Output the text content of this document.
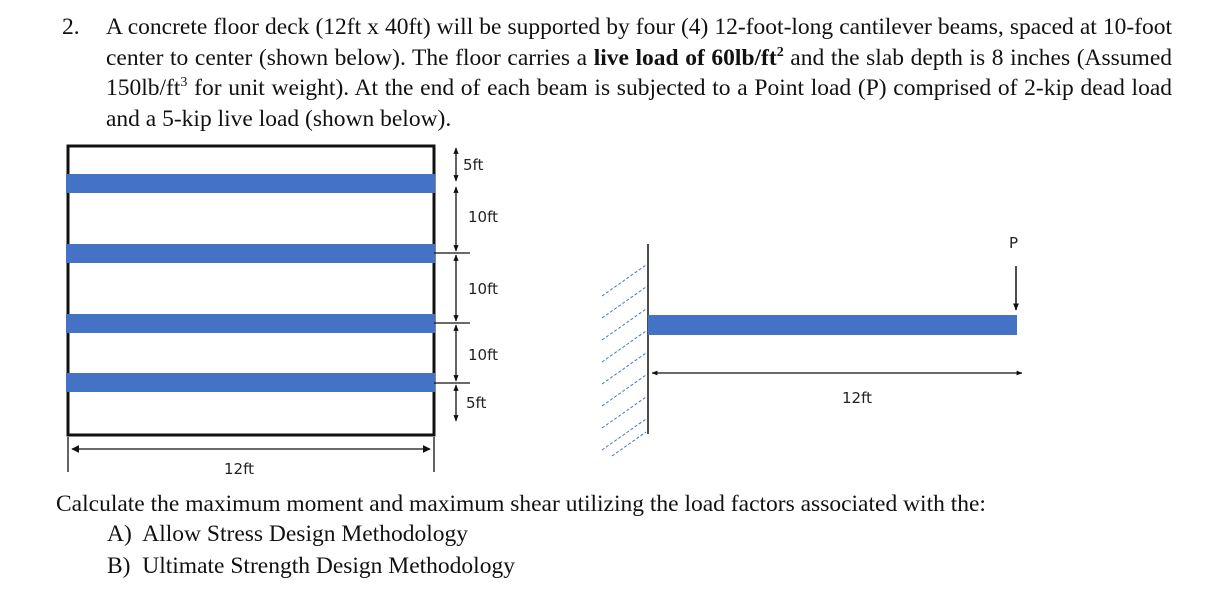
2. A concrete floor deck (12ft x 40ft) will be supported by four (4) 12-foot-long cantilever beams, spaced at 10-foot center to center (shown below). The floor carries a live load of $60lb/ft^2$ and the slab depth is 8 inches (Assumed $150lb/ft^3$ for unit weight). At the end of each beam is subjected to a Point load (P) comprised of 2-kip dead load and a 5-kip live load (shown below).
5ft
10ft
10ft
10ft
5ft
12ft
P
12ft
Calculate the maximum moment and maximum shear utilizing the load factors associated with the:
A) Allow Stress Design Methodology
B) Ultimate Strength Design Methodology
